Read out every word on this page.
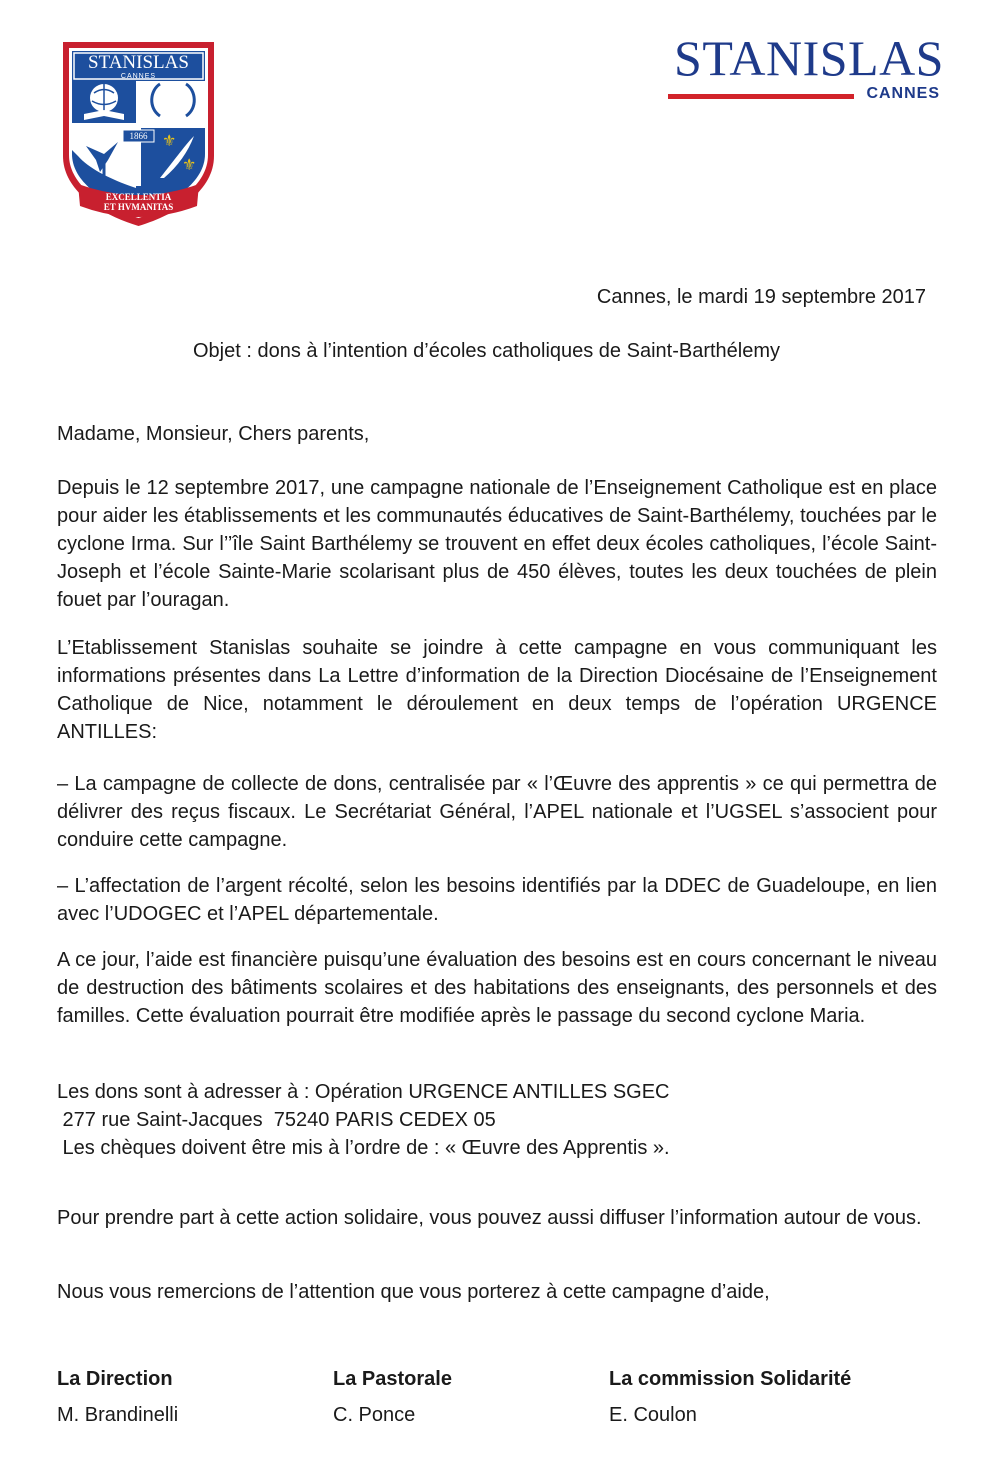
⚜
⚜
STANISLAS
CANNES
1866
EXCELLENTIA
ET HVMANITAS
STANISLAS
CANNES
Cannes, le mardi 19 septembre 2017
Objet : dons à l’intention d’écoles catholiques de Saint-Barthélemy

Madame, Monsieur, Chers parents,

Depuis le 12 septembre 2017, une campagne nationale de l’Enseignement Catholique est en place pour aider les établissements et les communautés éducatives de Saint-Barthélemy, touchées par le cyclone Irma. Sur l’’île Saint Barthélemy se trouvent en effet deux écoles catholiques, l’école Saint-Joseph et l’école Sainte-Marie scolarisant plus de 450 élèves, toutes les deux touchées de plein fouet par l’ouragan.

L’Etablissement Stanislas souhaite se joindre à cette campagne en vous communiquant les informations présentes dans La Lettre d’information de la Direction Diocésaine de l’Enseignement Catholique de Nice, notamment le déroulement en deux temps de l’opération URGENCE ANTILLES:

– La campagne de collecte de dons, centralisée par « l’Œuvre des apprentis » ce qui permettra de délivrer des reçus fiscaux. Le Secrétariat Général, l’APEL nationale et l’UGSEL s’associent pour conduire cette campagne.

– L’affectation de l’argent récolté, selon les besoins identifiés par la DDEC de Guadeloupe, en lien avec l’UDOGEC et l’APEL départementale.

A ce jour, l’aide est financière puisqu’une évaluation des besoins est en cours concernant le niveau de destruction des bâtiments scolaires et des habitations des enseignants, des personnels et des familles. Cette évaluation pourrait être modifiée après le passage du second cyclone Maria.

Les dons sont à adresser à : Opération URGENCE ANTILLES SGEC
277 rue Saint-Jacques  75240 PARIS CEDEX 05
Les chèques doivent être mis à l’ordre de : « Œuvre des Apprentis ».

Pour prendre part à cette action solidaire, vous pouvez aussi diffuser l’information autour de vous.

Nous vous remercions de l’attention que vous porterez à cette campagne d’aide,

La Direction
M. Brandinelli
La Pastorale
C. Ponce
La commission Solidarité
E. Coulon
